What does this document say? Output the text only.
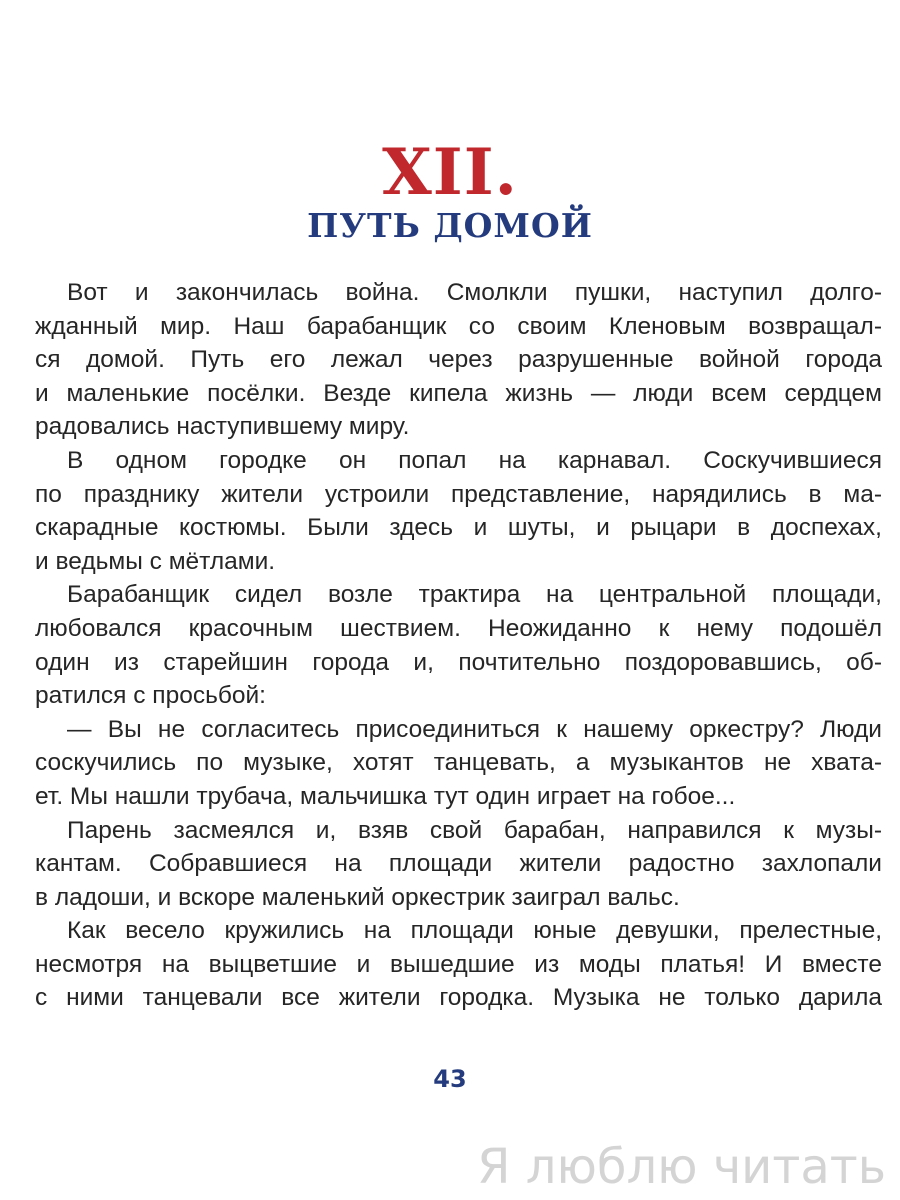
XII.
ПУТЬ ДОМОЙ
Вот и закончилась война. Смолкли пушки, наступил долго-
жданный мир. Наш барабанщик со своим Кленовым возвращал-
ся домой. Путь его лежал через разрушенные войной города
и маленькие посёлки. Везде кипела жизнь — люди всем сердцем
радовались наступившему миру.
В одном городке он попал на карнавал. Соскучившиеся
по празднику жители устроили представление, нарядились в ма-
скарадные костюмы. Были здесь и шуты, и рыцари в доспехах,
и ведьмы с мётлами.
Барабанщик сидел возле трактира на центральной площади,
любовался красочным шествием. Неожиданно к нему подошёл
один из старейшин города и, почтительно поздоровавшись, об-
ратился с просьбой:
— Вы не согласитесь присоединиться к нашему оркестру? Люди
соскучились по музыке, хотят танцевать, а музыкантов не хвата-
ет. Мы нашли трубача, мальчишка тут один играет на гобое...
Парень засмеялся и, взяв свой барабан, направился к музы-
кантам. Собравшиеся на площади жители радостно захлопали
в ладоши, и вскоре маленький оркестрик заиграл вальс.
Как весело кружились на площади юные девушки, прелестные,
несмотря на выцветшие и вышедшие из моды платья! И вместе
с ними танцевали все жители городка. Музыка не только дарила
43
Я люблю читать
